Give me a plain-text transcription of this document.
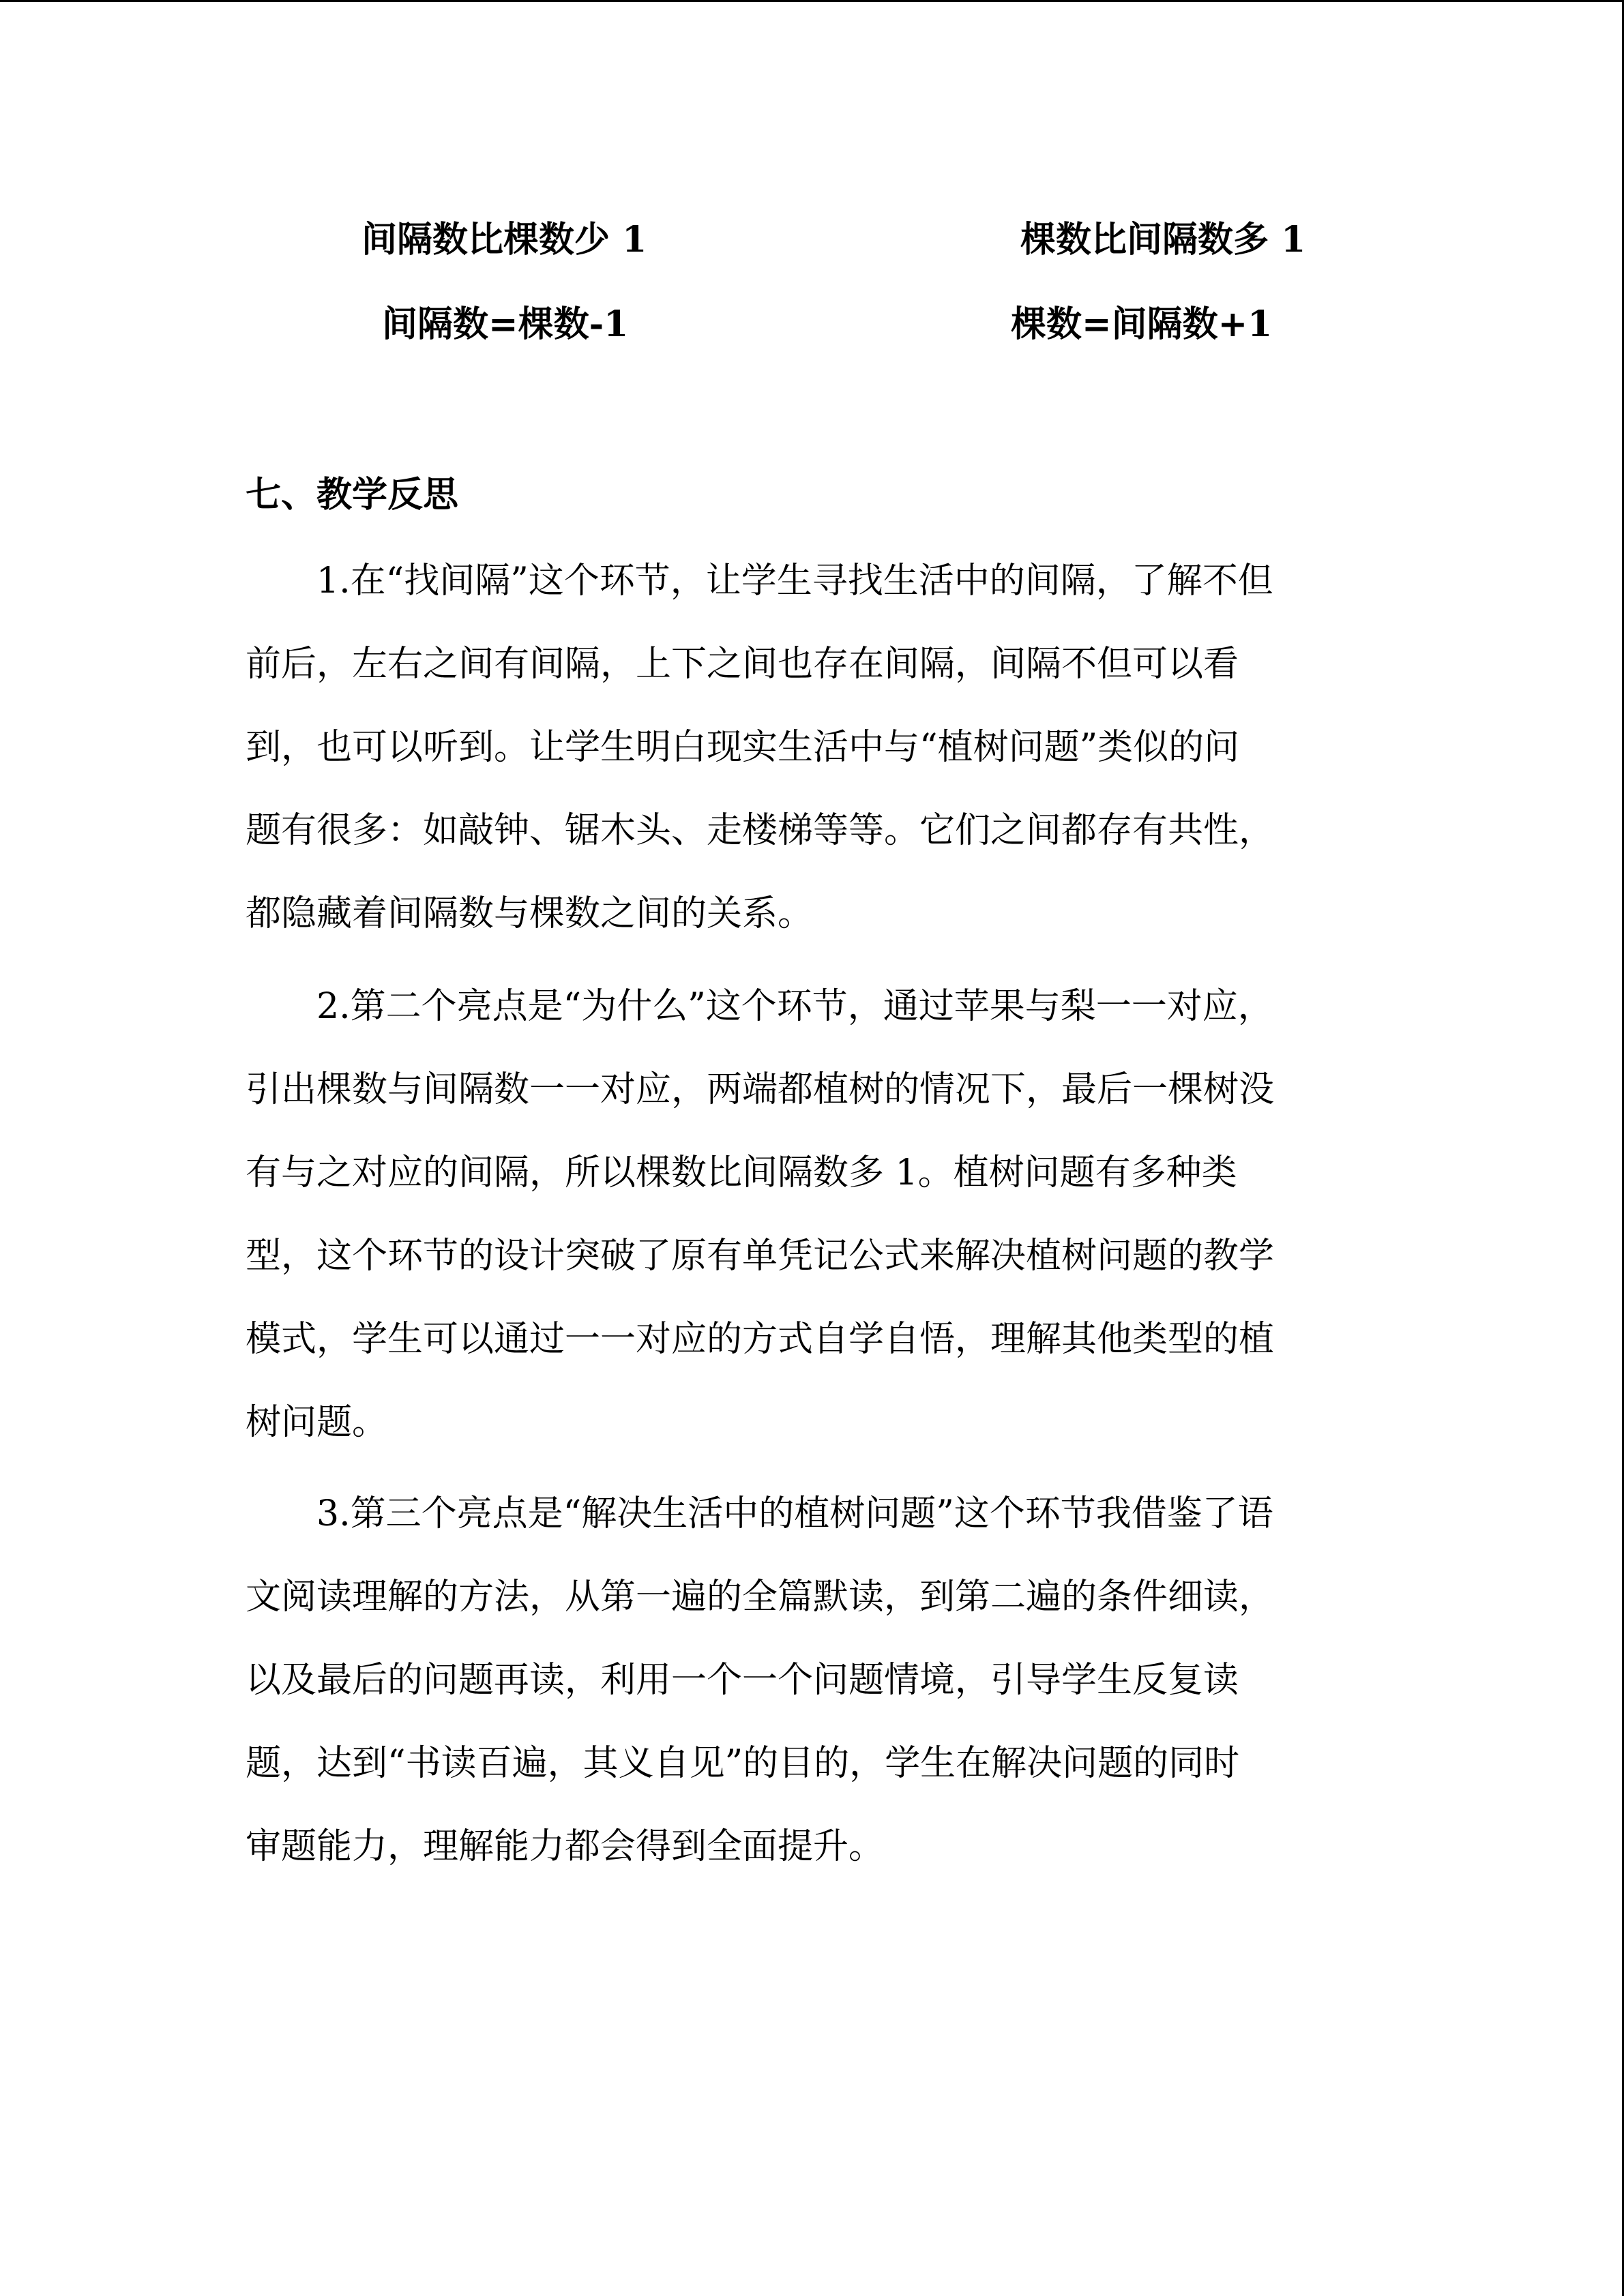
间隔数比棵数少 1
间隔数=棵数-1
棵数比间隔数多 1
棵数=间隔数+1
七、教学反思
　　1.在“找间隔”这个环节，让学生寻找生活中的间隔，了解不但
前后，左右之间有间隔，上下之间也存在间隔，间隔不但可以看
到，也可以听到。让学生明白现实生活中与“植树问题”类似的问
题有很多：如敲钟、锯木头、走楼梯等等。它们之间都存有共性，
都隐藏着间隔数与棵数之间的关系。
　　2.第二个亮点是“为什么”这个环节，通过苹果与梨一一对应，
引出棵数与间隔数一一对应，两端都植树的情况下，最后一棵树没
有与之对应的间隔，所以棵数比间隔数多 1。植树问题有多种类
型，这个环节的设计突破了原有单凭记公式来解决植树问题的教学
模式，学生可以通过一一对应的方式自学自悟，理解其他类型的植
树问题。
　　3.第三个亮点是“解决生活中的植树问题”这个环节我借鉴了语
文阅读理解的方法，从第一遍的全篇默读，到第二遍的条件细读，
以及最后的问题再读，利用一个一个问题情境，引导学生反复读
题，达到“书读百遍，其义自见”的目的，学生在解决问题的同时
审题能力，理解能力都会得到全面提升。
